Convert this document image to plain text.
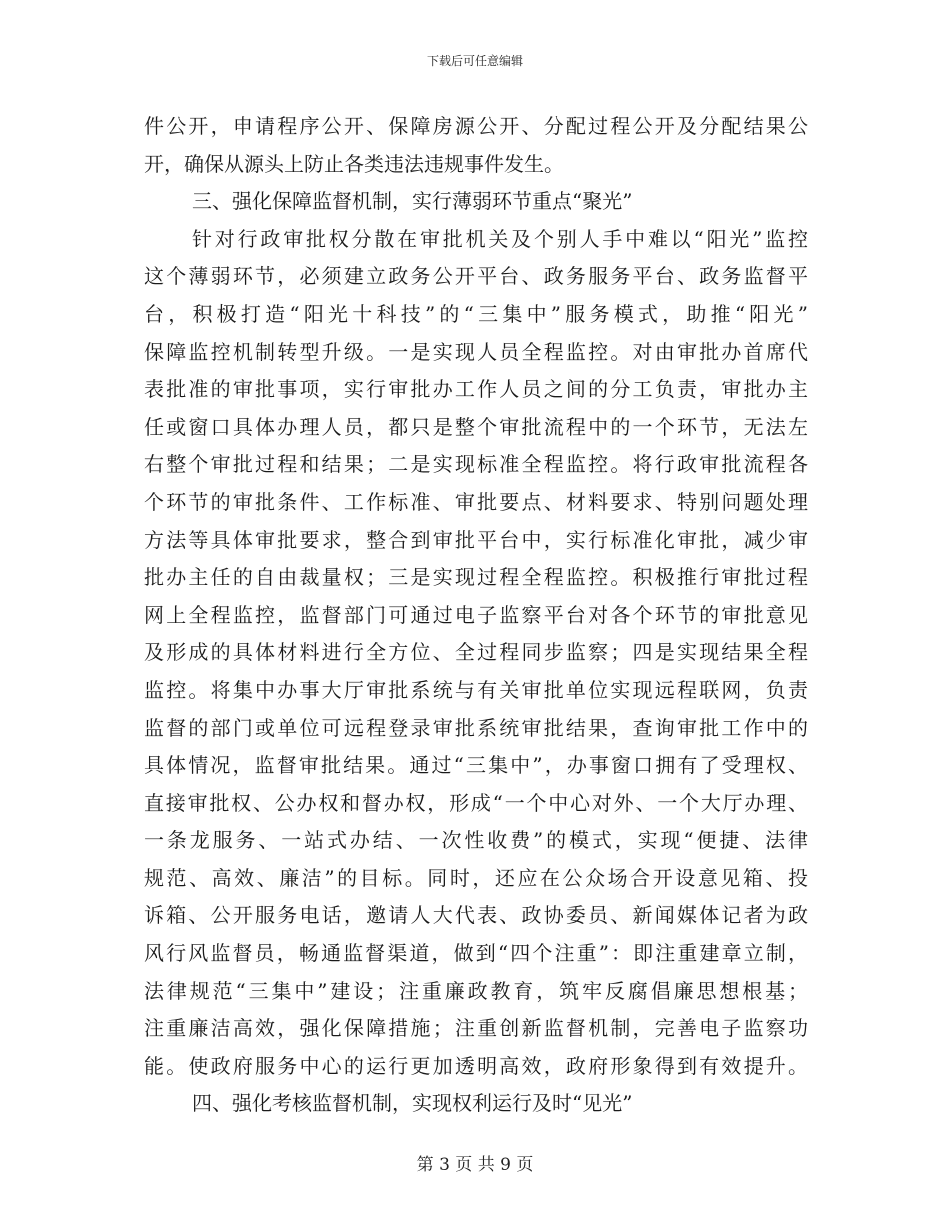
下载后可任意编辑
件公开，申请程序公开、保障房源公开、分配过程公开及分配结果公
开，确保从源头上防止各类违法违规事件发生。
三、强化保障监督机制，实行薄弱环节重点“聚光”
针对行政审批权分散在审批机关及个别人手中难以“阳光”监控
这个薄弱环节，必须建立政务公开平台、政务服务平台、政务监督平
台，积极打造“阳光十科技”的“三集中”服务模式，助推“阳光”
保障监控机制转型升级。一是实现人员全程监控。对由审批办首席代
表批准的审批事项，实行审批办工作人员之间的分工负责，审批办主
任或窗口具体办理人员，都只是整个审批流程中的一个环节，无法左
右整个审批过程和结果；二是实现标准全程监控。将行政审批流程各
个环节的审批条件、工作标准、审批要点、材料要求、特别问题处理
方法等具体审批要求，整合到审批平台中，实行标准化审批，减少审
批办主任的自由裁量权；三是实现过程全程监控。积极推行审批过程
网上全程监控，监督部门可通过电子监察平台对各个环节的审批意见
及形成的具体材料进行全方位、全过程同步监察；四是实现结果全程
监控。将集中办事大厅审批系统与有关审批单位实现远程联网，负责
监督的部门或单位可远程登录审批系统审批结果，查询审批工作中的
具体情况，监督审批结果。通过“三集中”，办事窗口拥有了受理权、
直接审批权、公办权和督办权，形成“一个中心对外、一个大厅办理、
一条龙服务、一站式办结、一次性收费”的模式，实现“便捷、法律
规范、高效、廉洁”的目标。同时，还应在公众场合开设意见箱、投
诉箱、公开服务电话，邀请人大代表、政协委员、新闻媒体记者为政
风行风监督员，畅通监督渠道，做到“四个注重”：即注重建章立制，
法律规范“三集中”建设；注重廉政教育，筑牢反腐倡廉思想根基；
注重廉洁高效，强化保障措施；注重创新监督机制，完善电子监察功
能。使政府服务中心的运行更加透明高效，政府形象得到有效提升。
四、强化考核监督机制，实现权利运行及时“见光”
第 3 页 共 9 页
